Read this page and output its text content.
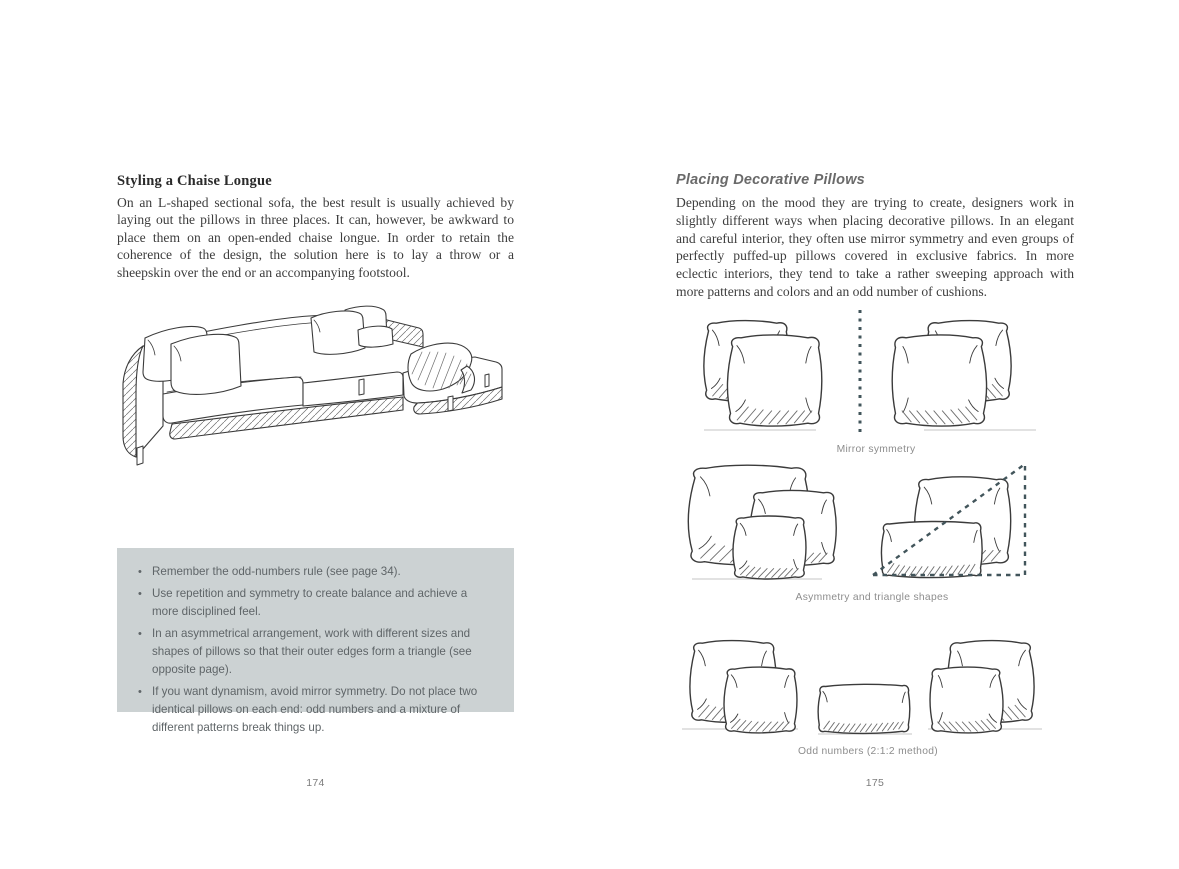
Styling a Chaise Longue

On an L-shaped sectional sofa, the best result is usually achieved by laying out the pillows in three places. It can, however, be awkward to place them on an open-ended chaise longue. In order to retain the coherence of the design, the solution here is to lay a throw or a sheepskin over the end or an accompanying footstool.

• Remember the odd-numbers rule (see page 34).
• Use repetition and symmetry to create balance and achieve a more disciplined feel.
• In an asymmetrical arrangement, work with different sizes and shapes of pillows so that their outer edges form a triangle (see opposite page).
• If you want dynamism, avoid mirror symmetry. Do not place two identical pillows on each end: odd numbers and a mixture of different patterns break things up.
174
Placing Decorative Pillows

Depending on the mood they are trying to create, designers work in slightly different ways when placing decorative pillows. In an elegant and careful interior, they often use mirror symmetry and even groups of perfectly puffed-up pillows covered in exclusive fabrics. In more eclectic interiors, they tend to take a rather sweeping approach with more patterns and colors and an odd number of cushions.

Mirror symmetry
Asymmetry and triangle shapes
Odd numbers (2:1:2 method)
175
